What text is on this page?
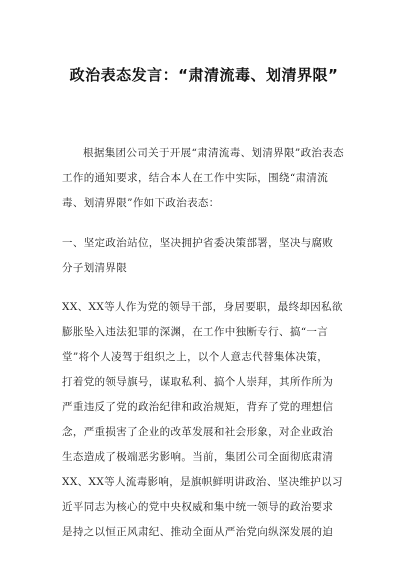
政治表态发言：“肃清流毒、划清界限”
根据集团公司关于开展“肃清流毒、划清界限”政治表态
工作的通知要求，结合本人在工作中实际，围绕“肃清流
毒、划清界限”作如下政治表态：
一、坚定政治站位，坚决拥护省委决策部署，坚决与腐败
分子划清界限
XX、XX等人作为党的领导干部，身居要职，最终却因私欲
膨胀坠入违法犯罪的深渊，在工作中独断专行、搞“一言
堂”将个人凌驾于组织之上，以个人意志代替集体决策，
打着党的领导旗号，谋取私利、搞个人崇拜，其所作所为
严重违反了党的政治纪律和政治规矩，背弃了党的理想信
念，严重损害了企业的改革发展和社会形象，对企业政治
生态造成了极端恶劣影响。当前，集团公司全面彻底肃清
XX、XX等人流毒影响，是旗帜鲜明讲政治、坚决维护以习
近平同志为核心的党中央权威和集中统一领导的政治要求
是持之以恒正风肃纪、推动全面从严治党向纵深发展的迫
